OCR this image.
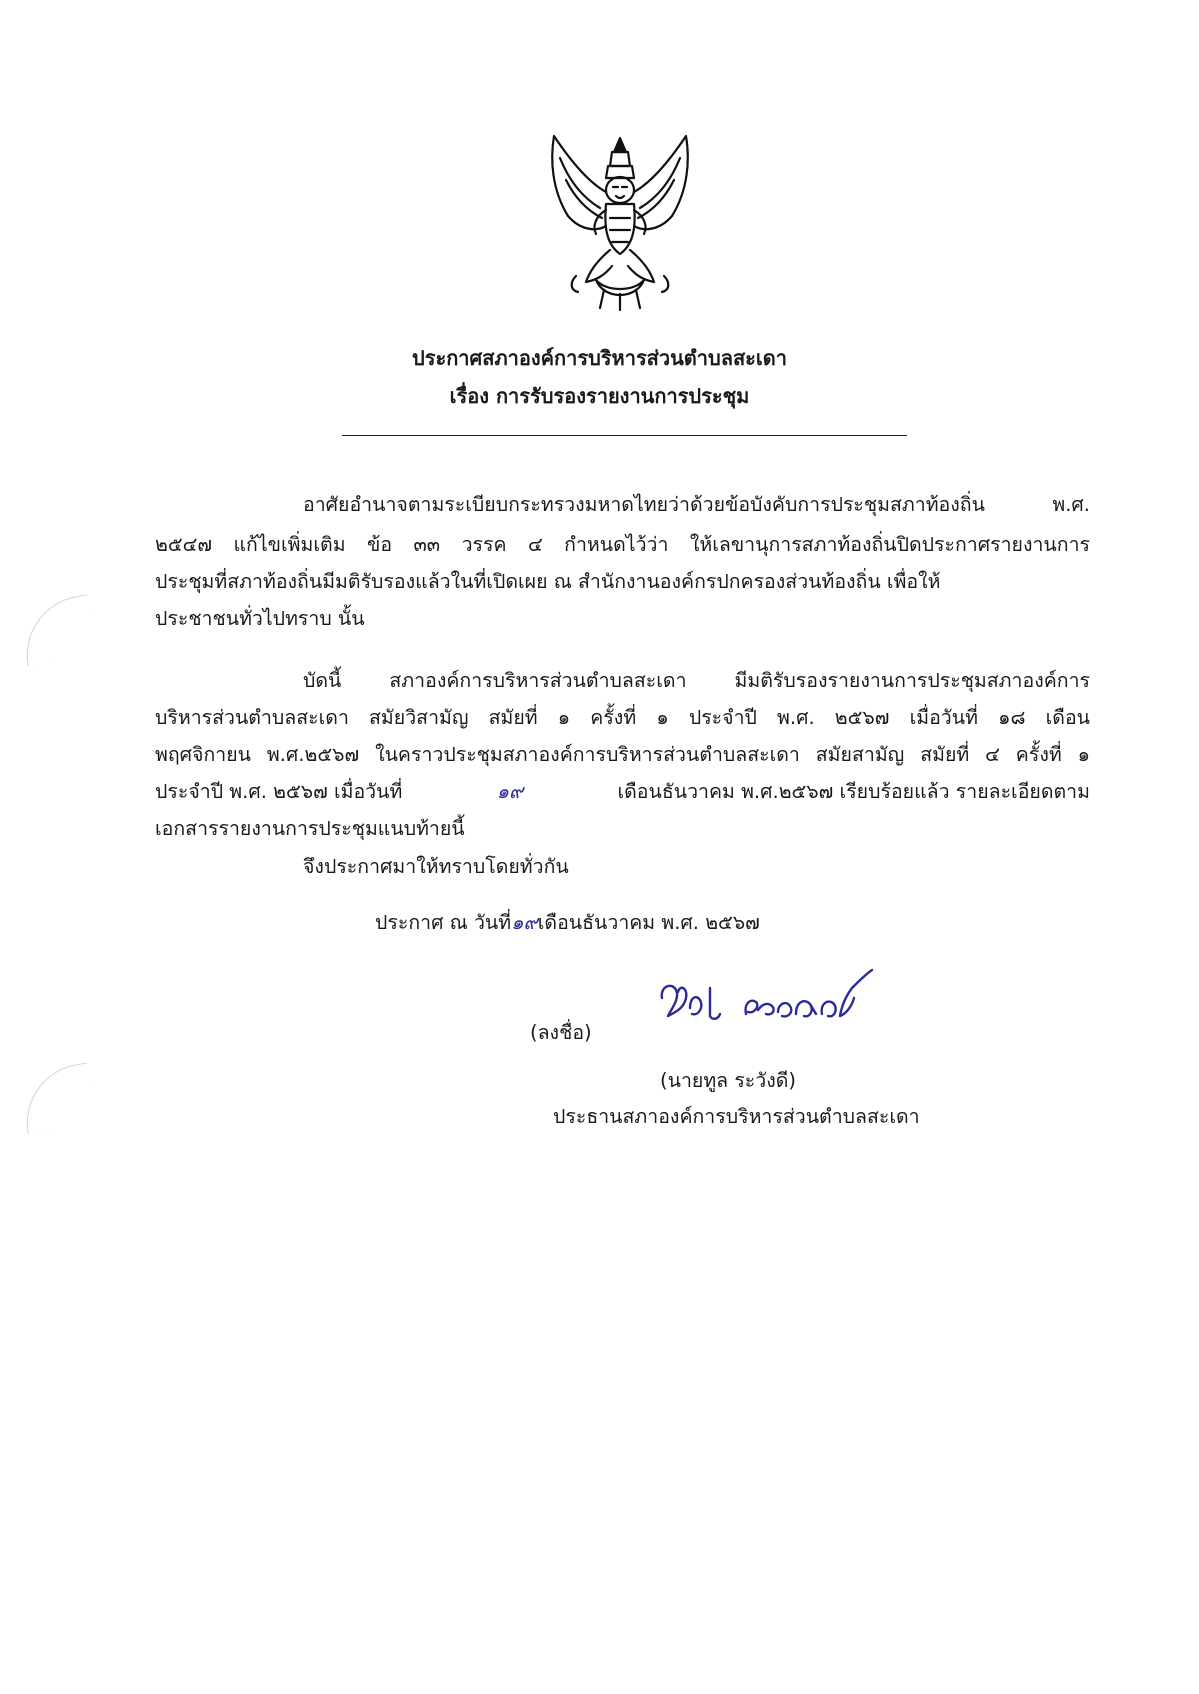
ประกาศสภาองค์การบริหารส่วนตำบลสะเดา
เรื่อง การรับรองรายงานการประชุม
อาศัยอำนาจตามระเบียบกระทรวงมหาดไทยว่าด้วยข้อบังคับการประชุมสภาท้องถิ่น พ.ศ.
๒๕๔๗ แก้ไขเพิ่มเติม ข้อ ๓๓ วรรค ๔ กำหนดไว้ว่า ให้เลขานุการสภาท้องถิ่นปิดประกาศรายงานการ
ประชุมที่สภาท้องถิ่นมีมติรับรองแล้วในที่เปิดเผย ณ สำนักงานองค์กรปกครองส่วนท้องถิ่น เพื่อให้
ประชาชนทั่วไปทราบ นั้น
บัดนี้ สภาองค์การบริหารส่วนตำบลสะเดา มีมติรับรองรายงานการประชุมสภาองค์การ
บริหารส่วนตำบลสะเดา สมัยวิสามัญ สมัยที่ ๑ ครั้งที่ ๑ ประจำปี พ.ศ. ๒๕๖๗ เมื่อวันที่ ๑๘ เดือน
พฤศจิกายน พ.ศ.๒๕๖๗ ในคราวประชุมสภาองค์การบริหารส่วนตำบลสะเดา สมัยสามัญ สมัยที่ ๔ ครั้งที่ ๑
ประจำปี พ.ศ. ๒๕๖๗ เมื่อวันที่	๑๙	เดือนธันวาคม พ.ศ.๒๕๖๗ เรียบร้อยแล้ว รายละเอียดตาม
เอกสารรายงานการประชุมแนบท้ายนี้
จึงประกาศมาให้ทราบโดยทั่วกัน
ประกาศ ณ วันที่๑๙เดือนธันวาคม พ.ศ. ๒๕๖๗
(ลงชื่อ)
(นายทูล ระวังดี)
ประธานสภาองค์การบริหารส่วนตำบลสะเดา
